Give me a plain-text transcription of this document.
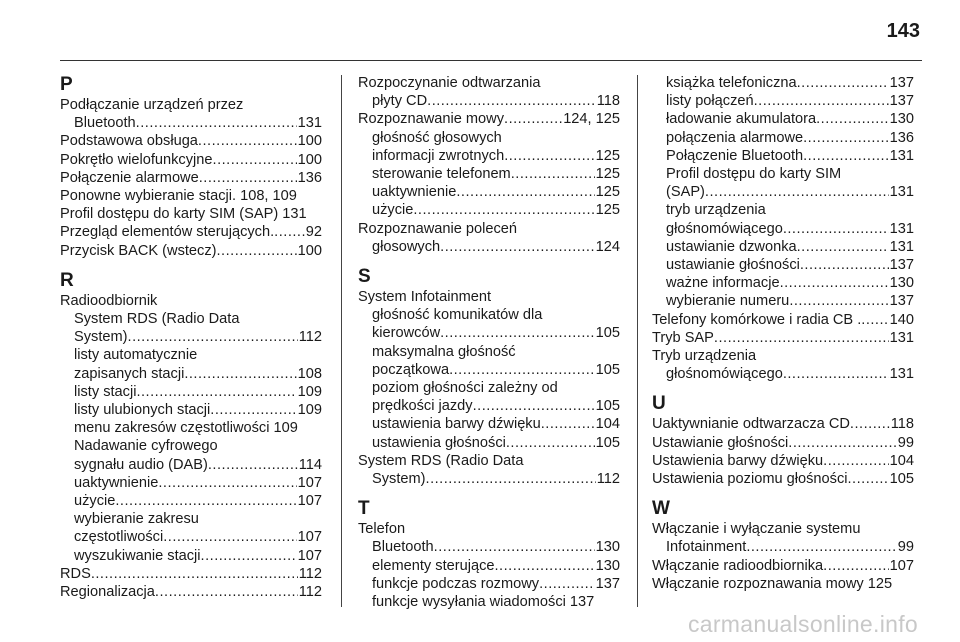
143
P
Podłączanie urządzeń przez
Bluetooth .....	131
Podstawowa obsługa .....	100
Pokrętło wielofunkcyjne .....	100
Połączenie alarmowe .....	136
Ponowne wybieranie stacji. 108, 109
Profil dostępu do karty SIM (SAP) 131
Przegląd elementów sterujących. ..... 92
Przycisk BACK (wstecz) .....	100
R
Radioodbiornik
System RDS (Radio Data
System) .....	112
listy automatycznie
zapisanych stacji .....	108
listy stacji .....	109
listy ulubionych stacji .....	109
menu zakresów częstotliwości 109
Nadawanie cyfrowego
sygnału audio (DAB) .....	114
uaktywnienie .....	107
użycie .....	107
wybieranie zakresu
częstotliwości .....	107
wyszukiwanie stacji .....	107
RDS .....	112
Regionalizacja .....	112
Rozpoczynanie odtwarzania
płyty CD .....	118
Rozpoznawanie mowy .....	124, 125
głośność głosowych
informacji zwrotnych .....	125
sterowanie telefonem .....	125
uaktywnienie .....	125
użycie .....	125
Rozpoznawanie poleceń
głosowych .....	124
S
System Infotainment
głośność komunikatów dla
kierowców .....	105
maksymalna głośność
początkowa .....	105
poziom głośności zależny od
prędkości jazdy .....	105
ustawienia barwy dźwięku .....	104
ustawienia głośności .....	105
System RDS (Radio Data
System) .....	112
T
Telefon
Bluetooth .....	130
elementy sterujące .....	130
funkcje podczas rozmowy .....	137
funkcje wysyłania wiadomości 137
książka telefoniczna .....	137
listy połączeń .....	137
ładowanie akumulatora .....	130
połączenia alarmowe .....	136
Połączenie Bluetooth .....	131
Profil dostępu do karty SIM
(SAP) .....	131
tryb urządzenia
głośnomówiącego .....	131
ustawianie dzwonka .....	131
ustawianie głośności .....	137
ważne informacje .....	130
wybieranie numeru .....	137
Telefony komórkowe i radia CB . ..... 140
Tryb SAP .....	131
Tryb urządzenia
głośnomówiącego .....	131
U
Uaktywnianie odtwarzacza CD .....	118
Ustawianie głośności .....	99
Ustawienia barwy dźwięku .....	104
Ustawienia poziomu głośności .....	105
W
Włączanie i wyłączanie systemu
Infotainment .....	99
Włączanie radioodbiornika .....	107
Włączanie rozpoznawania mowy 125
carmanualsonline.info
